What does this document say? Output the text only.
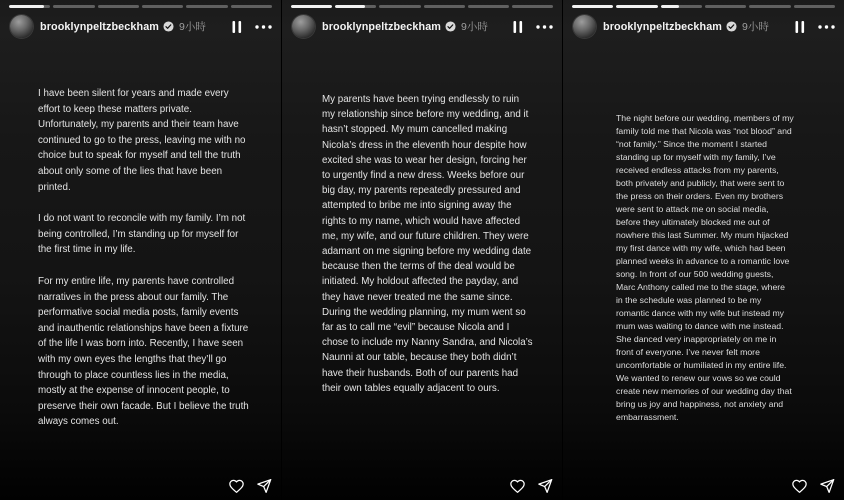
brooklynpeltzbeckham 9小時

I have been silent for years and made every effort to keep these matters private. Unfortunately, my parents and their team have continued to go to the press, leaving me with no choice but to speak for myself and tell the truth about only some of the lies that have been printed.

I do not want to reconcile with my family. I’m not being controlled, I’m standing up for myself for the first time in my life.

For my entire life, my parents have controlled narratives in the press about our family. The performative social media posts, family events and inauthentic relationships have been a fixture of the life I was born into. Recently, I have seen with my own eyes the lengths that they’ll go through to place countless lies in the media, mostly at the expense of innocent people, to preserve their own facade. But I believe the truth always comes out.

brooklynpeltzbeckham 9小時

My parents have been trying endlessly to ruin my relationship since before my wedding, and it hasn’t stopped. My mum cancelled making Nicola’s dress in the eleventh hour despite how excited she was to wear her design, forcing her to urgently find a new dress. Weeks before our big day, my parents repeatedly pressured and attempted to bribe me into signing away the rights to my name, which would have affected me, my wife, and our future children. They were adamant on me signing before my wedding date because then the terms of the deal would be initiated. My holdout affected the payday, and they have never treated me the same since. During the wedding planning, my mum went so far as to call me “evil” because Nicola and I chose to include my Nanny Sandra, and Nicola’s Naunni at our table, because they both didn’t have their husbands. Both of our parents had their own tables equally adjacent to ours.

brooklynpeltzbeckham 9小時

The night before our wedding, members of my family told me that Nicola was “not blood” and “not family.” Since the moment I started standing up for myself with my family, I’ve received endless attacks from my parents, both privately and publicly, that were sent to the press on their orders. Even my brothers were sent to attack me on social media, before they ultimately blocked me out of nowhere this last Summer. My mum hijacked my first dance with my wife, which had been planned weeks in advance to a romantic love song. In front of our 500 wedding guests, Marc Anthony called me to the stage, where in the schedule was planned to be my romantic dance with my wife but instead my mum was waiting to dance with me instead. She danced very inappropriately on me in front of everyone. I’ve never felt more uncomfortable or humiliated in my entire life. We wanted to renew our vows so we could create new memories of our wedding day that bring us joy and happiness, not anxiety and embarrassment.
